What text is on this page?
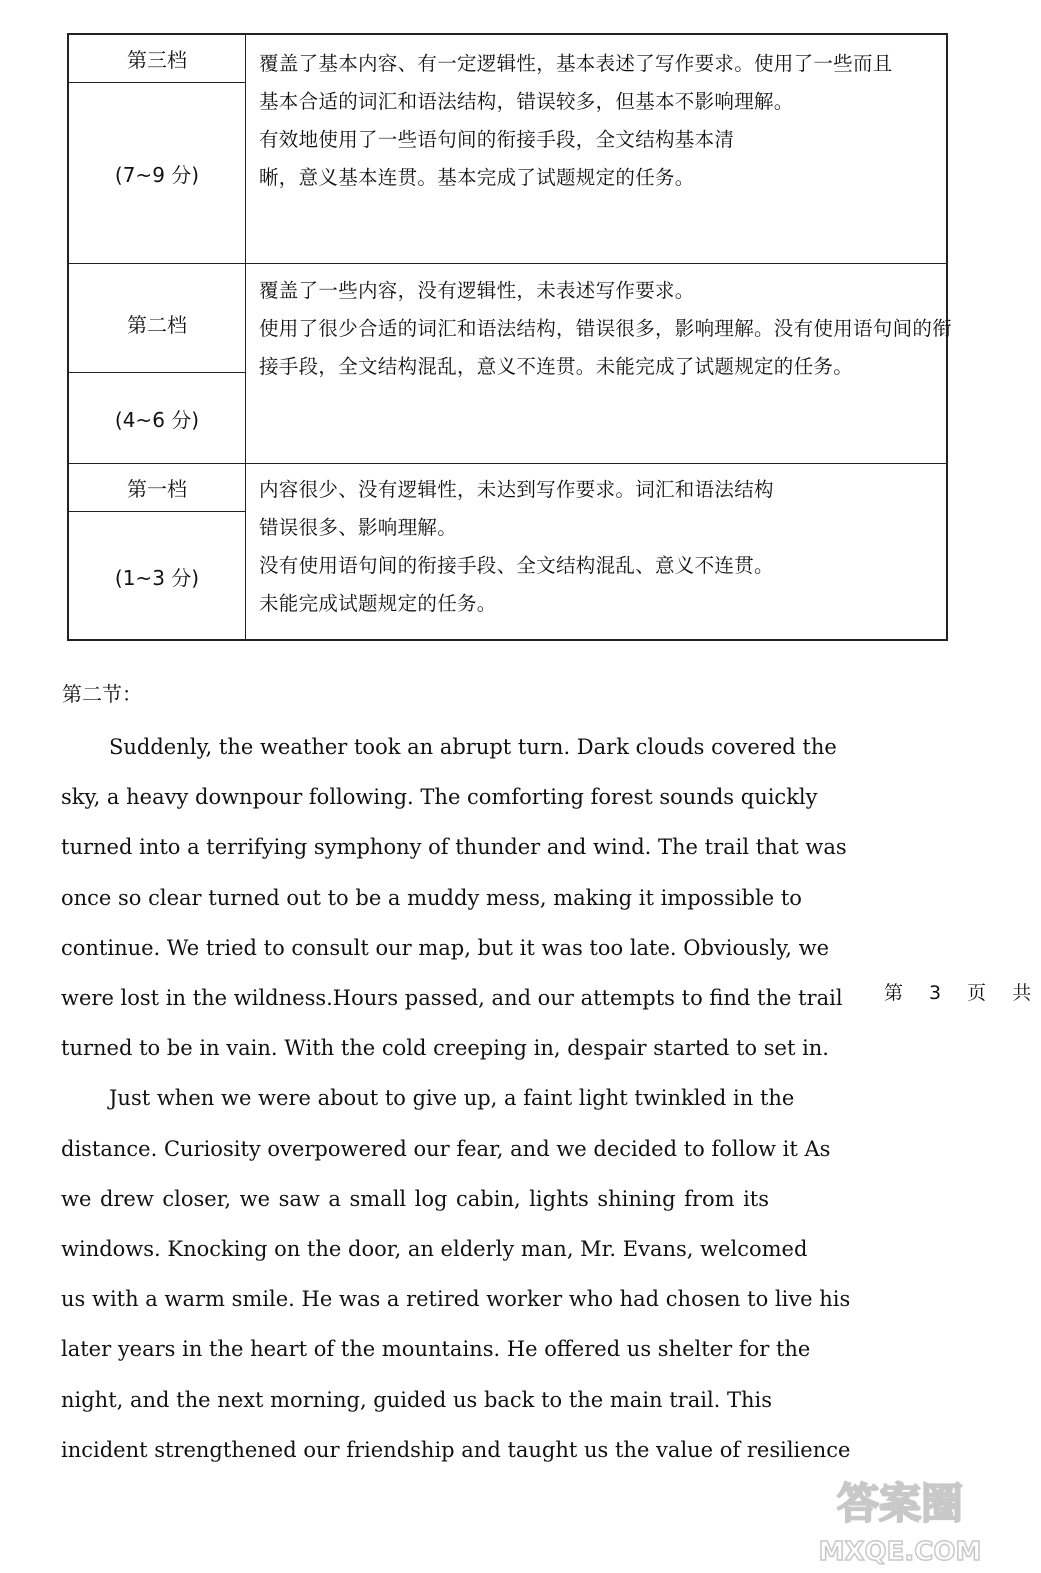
第三档
(7~9 分)
覆盖了基本内容、有一定逻辑性，基本表述了写作要求。使用了一些而且
基本合适的词汇和语法结构，错误较多，但基本不影响理解。
有效地使用了一些语句间的衔接手段，全文结构基本清
晰，意义基本连贯。基本完成了试题规定的任务。
第二档
(4~6 分)
覆盖了一些内容，没有逻辑性，未表述写作要求。
使用了很少合适的词汇和语法结构，错误很多，影响理解。没有使用语句间的衔
接手段，全文结构混乱，意义不连贯。未能完成了试题规定的任务。
第一档
(1~3 分)
内容很少、没有逻辑性，未达到写作要求。词汇和语法结构
错误很多、影响理解。
没有使用语句间的衔接手段、全文结构混乱、意义不连贯。
未能完成试题规定的任务。
第二节：
Suddenly, the weather took an abrupt turn. Dark clouds covered the
sky, a heavy downpour following. The comforting forest sounds quickly
turned into a terrifying symphony of thunder and wind. The trail that was
once so clear turned out to be a muddy mess, making it impossible to
continue. We tried to consult our map, but it was too late. Obviously, we
were lost in the wildness.Hours passed, and our attempts to find the trail
turned to be in vain. With the cold creeping in, despair started to set in.
Just when we were about to give up, a faint light twinkled in the
distance. Curiosity overpowered our fear, and we decided to follow it As
we drew closer, we saw a small log cabin, lights shining from its
windows. Knocking on the door, an elderly man, Mr. Evans, welcomed
us with a warm smile. He was a retired worker who had chosen to live his
later years in the heart of the mountains. He offered us shelter for the
night, and the next morning, guided us back to the main trail. This
incident strengthened our friendship and taught us the value of resilience
第 3 页 共
答案圈
MXQE.COM
